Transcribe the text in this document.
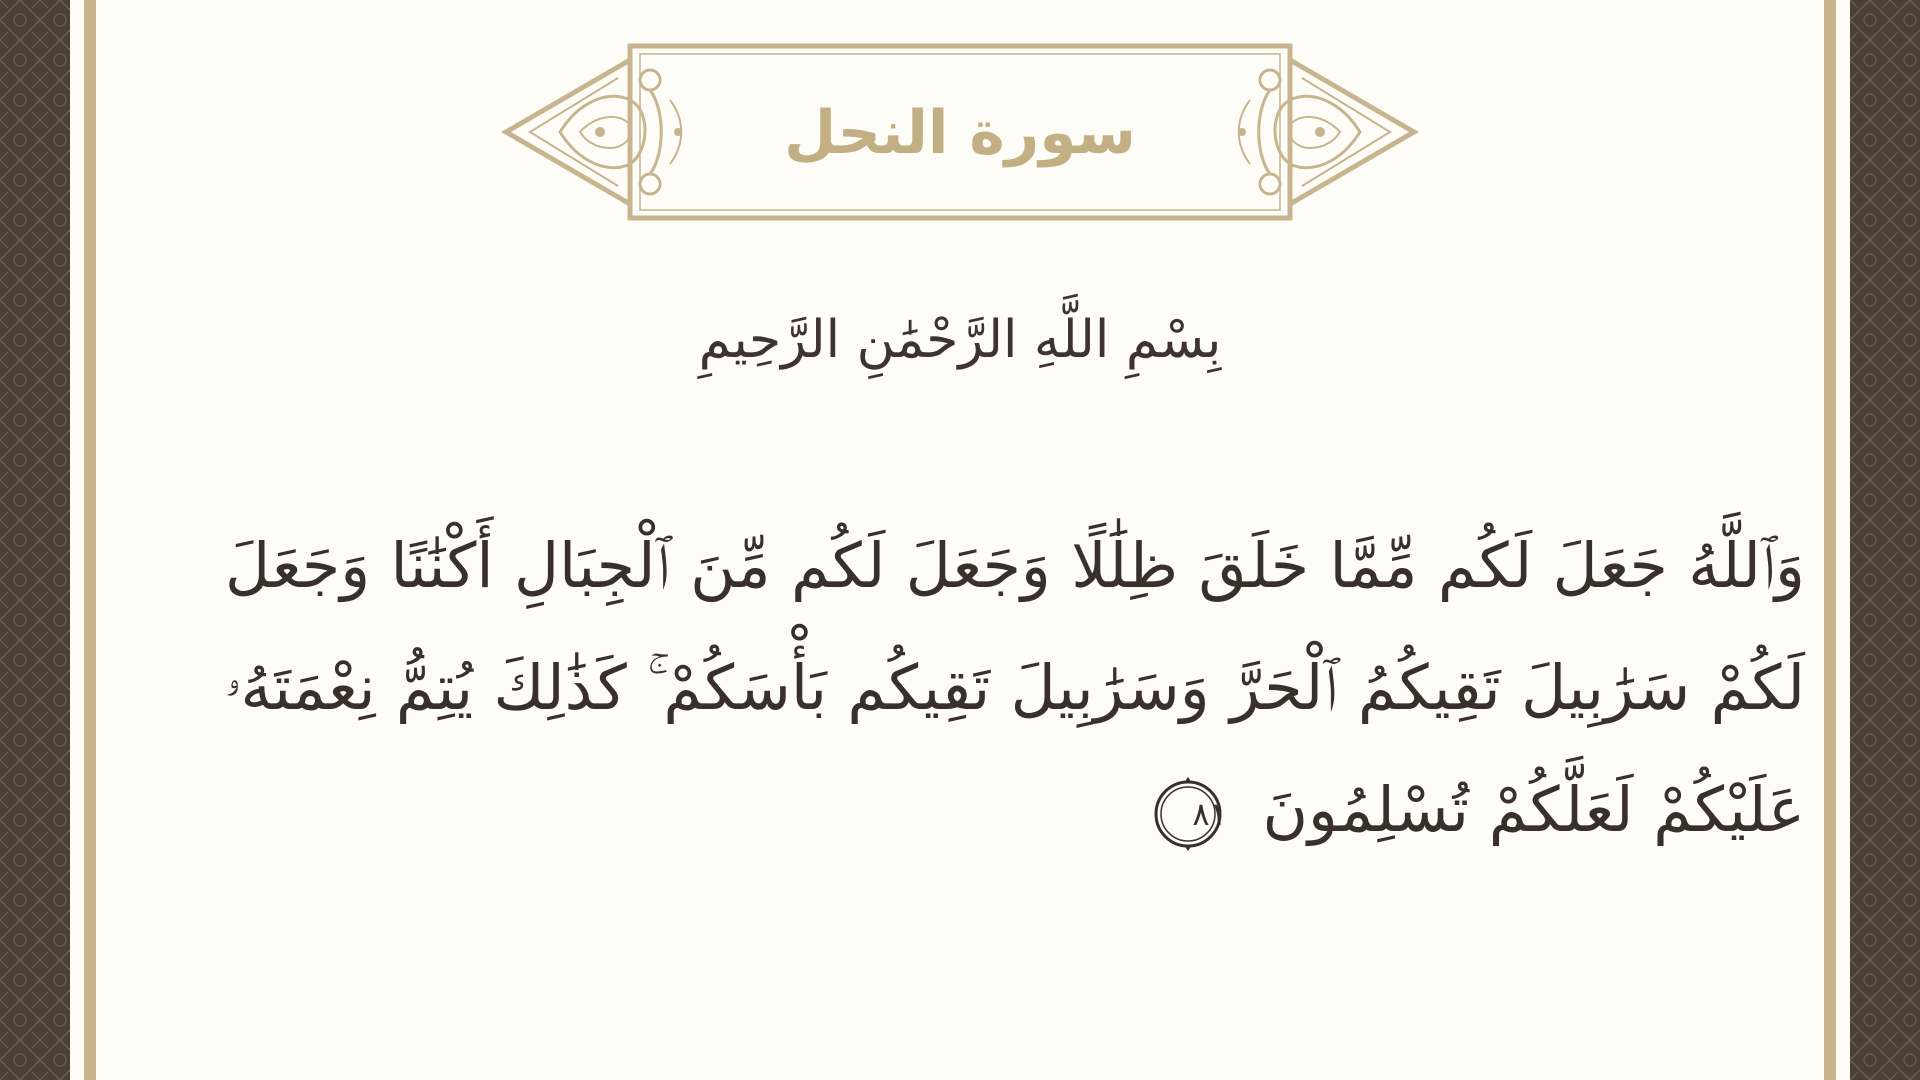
سورة النحل
بِسْمِ اللَّهِ الرَّحْمَٰنِ الرَّحِيمِ
وَٱللَّهُ جَعَلَ لَكُم مِّمَّا خَلَقَ ظِلَٰلًا وَجَعَلَ لَكُم مِّنَ ٱلْجِبَالِ أَكْنَٰنًا وَجَعَلَ لَكُمْ سَرَٰبِيلَ تَقِيكُمُ ٱلْحَرَّ وَسَرَٰبِيلَ تَقِيكُم بَأْسَكُمْ ۚ كَذَٰلِكَ يُتِمُّ نِعْمَتَهُۥ عَلَيْكُمْ لَعَلَّكُمْ تُسْلِمُونَ
٨١
